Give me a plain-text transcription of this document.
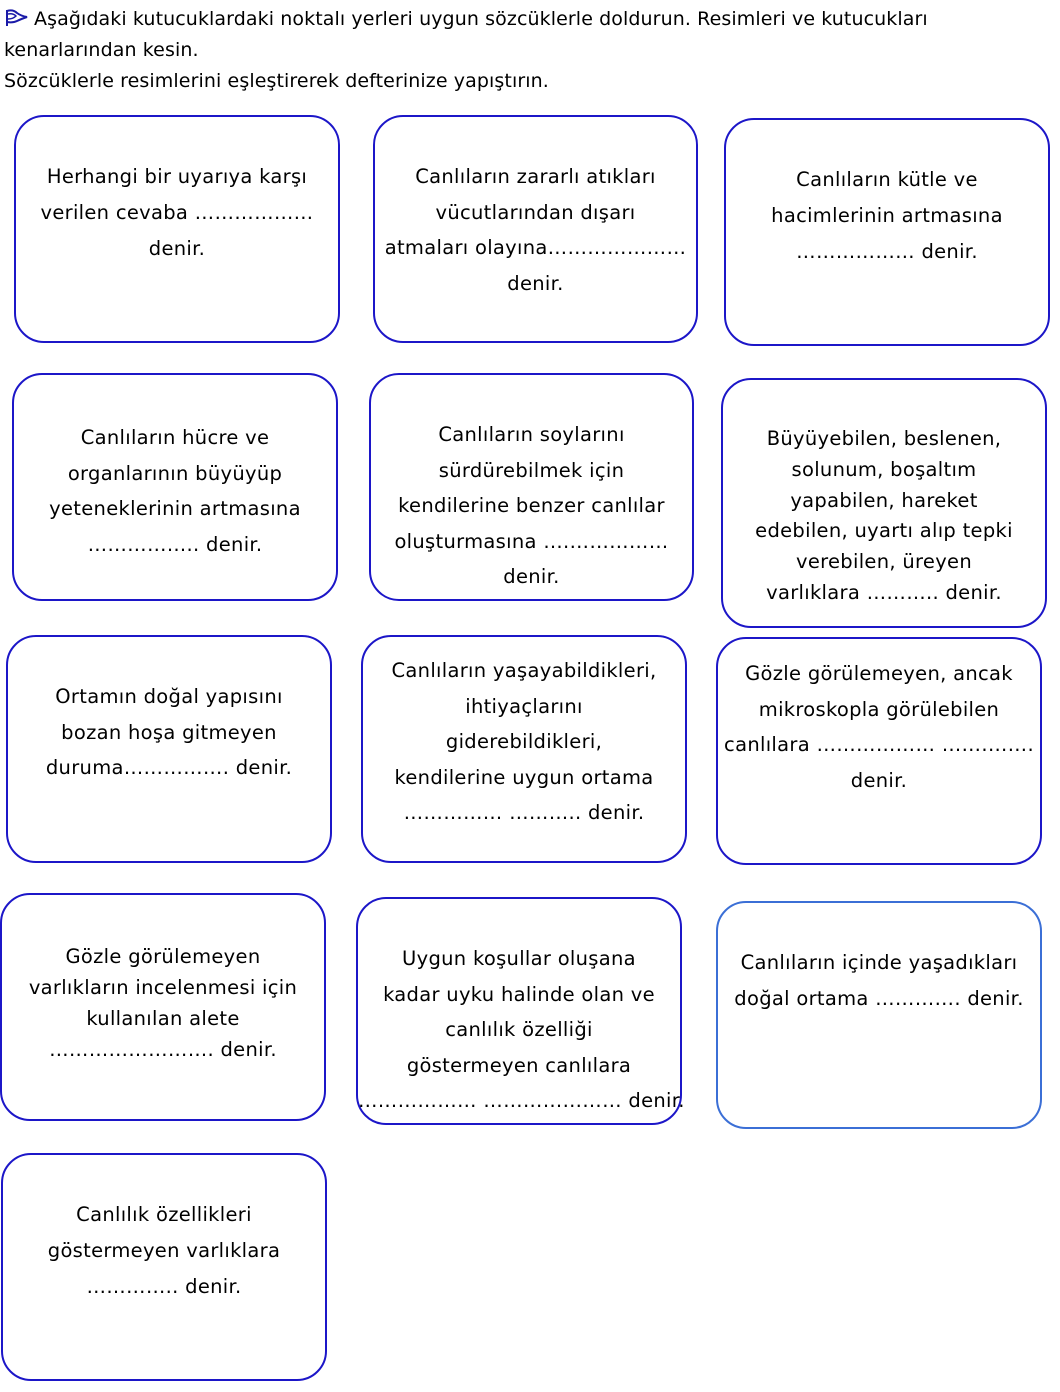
Aşağıdaki kutucuklardaki noktalı yerleri uygun sözcüklerle doldurun. Resimleri ve kutucukları
kenarlarından kesin.
Sözcüklerle resimlerini eşleştirerek defterinize yapıştırın.
Herhangi bir uyarıya karşı
verilen cevaba ………………
denir.
Canlıların zararlı atıkları
vücutlarından dışarı
atmaları olayına…………………
denir.
Canlıların kütle ve
hacimlerinin artmasına
……………… denir.
Canlıların hücre ve
organlarının büyüyüp
yeteneklerinin artmasına
…………….. denir.
Canlıların soylarını
sürdürebilmek için
kendilerine benzer canlılar
oluşturmasına ….……………
denir.
Büyüyebilen, beslenen,
solunum, boşaltım
yapabilen, hareket
edebilen, uyartı alıp tepki
verebilen, üreyen
varlıklara ……….. denir.
Ortamın doğal yapısını
bozan hoşa gitmeyen
duruma……………. denir.
Canlıların yaşayabildikleri,
ihtiyaçlarını
giderebildikleri,
kendilerine uygun ortama
…………… ……….. denir.
Gözle görülemeyen, ancak
mikroskopla görülebilen
canlılara ……………… …….…….
denir.
Gözle görülemeyen
varlıkların incelenmesi için
kullanılan alete
……………………. denir.
Uygun koşullar oluşana
kadar uyku halinde olan ve
canlılık özelliği
göstermeyen canlılara
……………… ………………… denir.
Canlıların içinde yaşadıkları
doğal ortama …………. denir.
Canlılık özellikleri
göstermeyen varlıklara
………….. denir.
